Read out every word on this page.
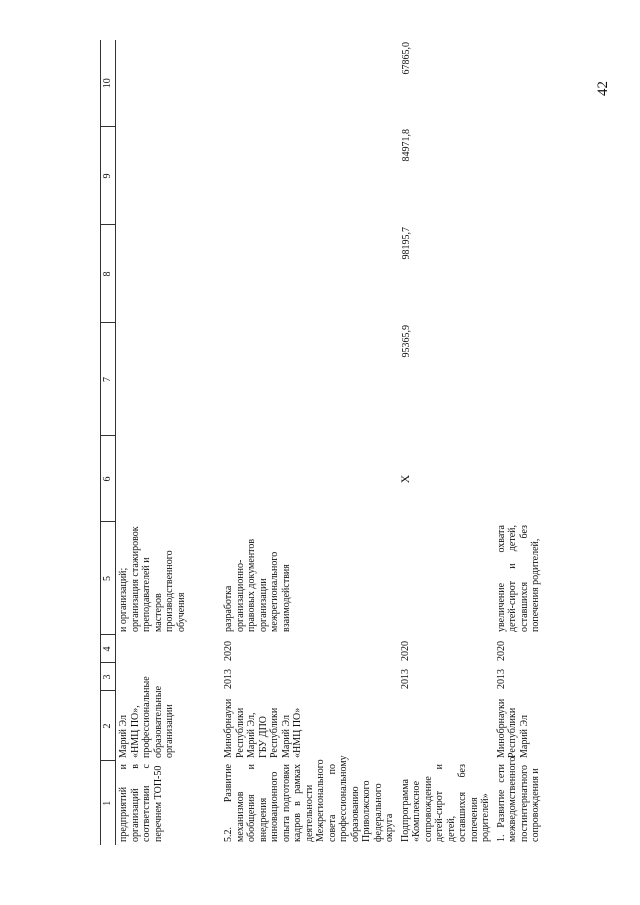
42
1	2	3	4	5	6	7	8	9	10
предприятий и организаций в соответствии с перечнем ТОП-50	Марий Эл «НМЦ ПО», профессиональные образовательные организации			и организаций; организация стажировок преподавателей и мастеров производственного обучения					
5.2. Развитие механизмов обобщения и внедрения инновационного опыта подготовки кадров в рамках деятельности Межрегионального совета по профессиональному образованию Приволжского федерального округа	Минобрнауки Республики Марий Эл, ГБУ ДПО Республики Марий Эл «НМЦ ПО»	2013	2020	разработка организационно-правовых документов организации межрегионального взаимодействия					
Подпрограмма «Комплексное сопровождение детей-сирот и детей, оставшихся без попечения родителей»		2013	2020		Х	95365,9	98195,7	84971,8	67865,0
1. Развитие сети межведомственного постинтернатного сопровождения и	Минобрнауки Республики Марий Эл	2013	2020	увеличение охвата детей-сирот и детей, оставшихся без попечения родителей,					
